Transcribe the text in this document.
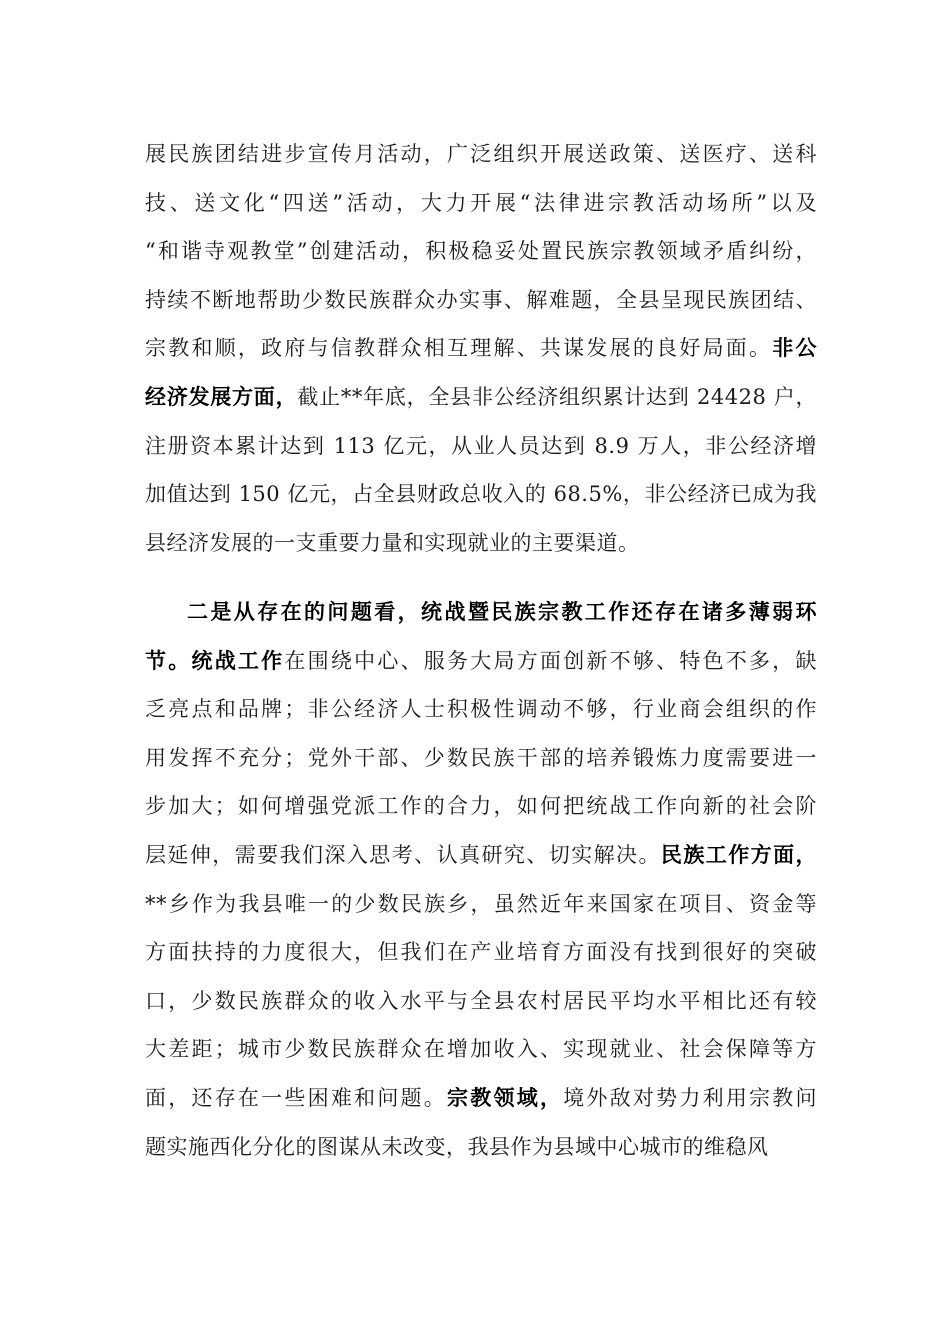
展民族团结进步宣传月活动，广泛组织开展送政策、送医疗、送科
技、送文化“四送”活动，大力开展“法律进宗教活动场所”以及
“和谐寺观教堂”创建活动，积极稳妥处置民族宗教领域矛盾纠纷，
持续不断地帮助少数民族群众办实事、解难题，全县呈现民族团结、
宗教和顺，政府与信教群众相互理解、共谋发展的良好局面。非公
经济发展方面，截止**年底，全县非公经济组织累计达到 24428 户，
注册资本累计达到 113 亿元，从业人员达到 8.9 万人，非公经济增
加值达到 150 亿元，占全县财政总收入的 68.5%，非公经济已成为我
县经济发展的一支重要力量和实现就业的主要渠道。
二是从存在的问题看，统战暨民族宗教工作还存在诸多薄弱环
节。统战工作在围绕中心、服务大局方面创新不够、特色不多，缺
乏亮点和品牌；非公经济人士积极性调动不够，行业商会组织的作
用发挥不充分；党外干部、少数民族干部的培养锻炼力度需要进一
步加大；如何增强党派工作的合力，如何把统战工作向新的社会阶
层延伸，需要我们深入思考、认真研究、切实解决。民族工作方面，
**乡作为我县唯一的少数民族乡，虽然近年来国家在项目、资金等
方面扶持的力度很大，但我们在产业培育方面没有找到很好的突破
口，少数民族群众的收入水平与全县农村居民平均水平相比还有较
大差距；城市少数民族群众在增加收入、实现就业、社会保障等方
面，还存在一些困难和问题。宗教领域，境外敌对势力利用宗教问
题实施西化分化的图谋从未改变，我县作为县域中心城市的维稳风
